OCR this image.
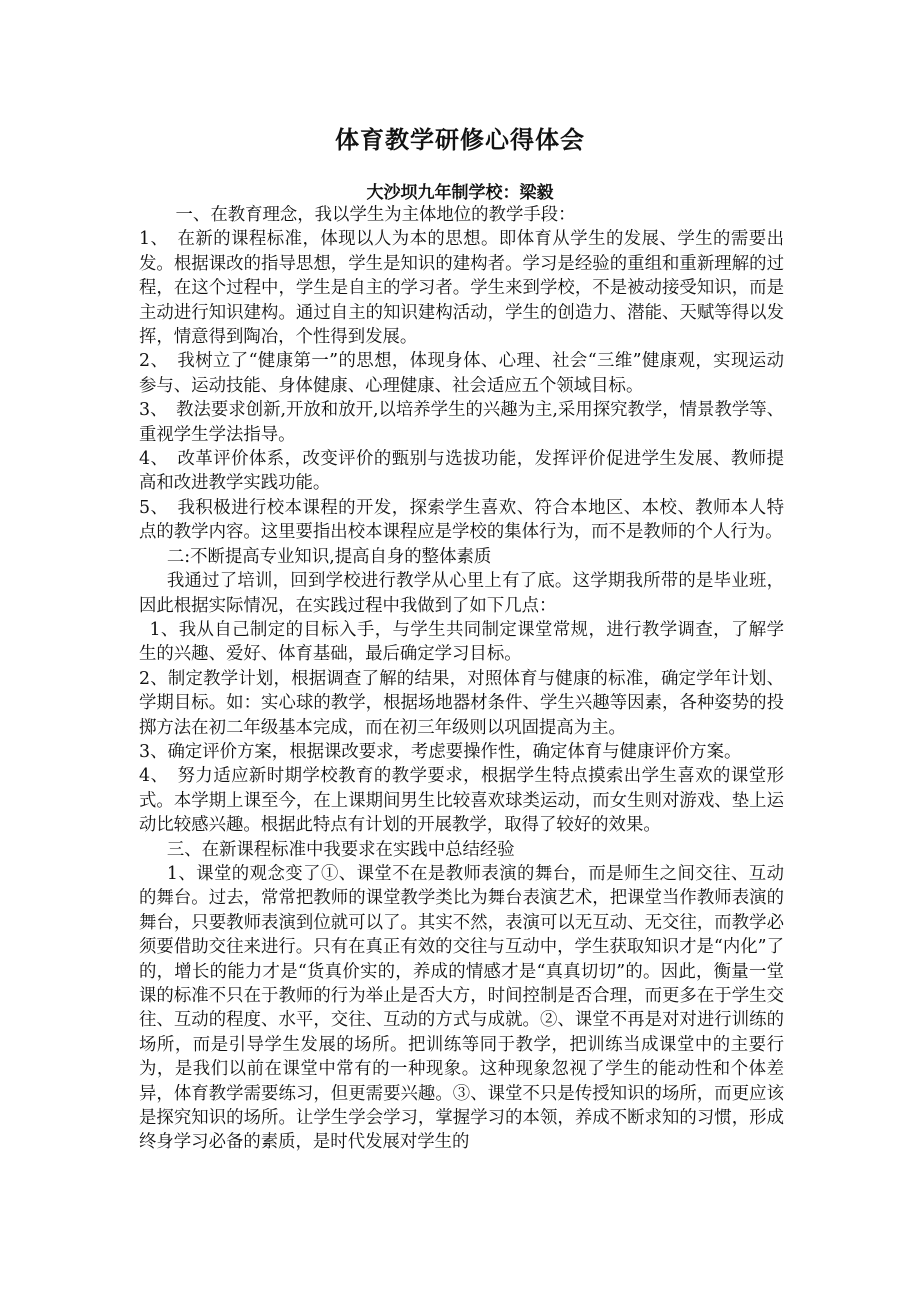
体育教学研修心得体会
大沙坝九年制学校：梁毅

一、在教育理念，我以学生为主体地位的教学手段：

1、　在新的课程标准，体现以人为本的思想。即体育从学生的发展、学生的需要出发。根据课改的指导思想，学生是知识的建构者。学习是经验的重组和重新理解的过程，在这个过程中，学生是自主的学习者。学生来到学校，不是被动接受知识，而是主动进行知识建构。通过自主的知识建构活动，学生的创造力、潜能、天赋等得以发挥，情意得到陶冶，个性得到发展。

2、　我树立了“健康第一”的思想，体现身体、心理、社会“三维”健康观，实现运动参与、运动技能、身体健康、心理健康、社会适应五个领域目标。

3、　教法要求创新,开放和放开,以培养学生的兴趣为主,采用探究教学，情景教学等、重视学生学法指导。

4、　改革评价体系，改变评价的甄别与选拔功能，发挥评价促进学生发展、教师提高和改进教学实践功能。

5、　我积极进行校本课程的开发，探索学生喜欢、符合本地区、本校、教师本人特点的教学内容。这里要指出校本课程应是学校的集体行为，而不是教师的个人行为。

二:不断提高专业知识,提高自身的整体素质

我通过了培训，回到学校进行教学从心里上有了底。这学期我所带的是毕业班，因此根据实际情况，在实践过程中我做到了如下几点：

1、我从自己制定的目标入手，与学生共同制定课堂常规，进行教学调查，了解学生的兴趣、爱好、体育基础，最后确定学习目标。

2、制定教学计划，根据调查了解的结果，对照体育与健康的标准，确定学年计划、学期目标。如：实心球的教学，根据场地器材条件、学生兴趣等因素，各种姿势的投掷方法在初二年级基本完成，而在初三年级则以巩固提高为主。

3、确定评价方案，根据课改要求，考虑要操作性，确定体育与健康评价方案。

4、　努力适应新时期学校教育的教学要求，根据学生特点摸索出学生喜欢的课堂形式。本学期上课至今，在上课期间男生比较喜欢球类运动，而女生则对游戏、垫上运动比较感兴趣。根据此特点有计划的开展教学，取得了较好的效果。

三、在新课程标准中我要求在实践中总结经验

1、课堂的观念变了①、课堂不在是教师表演的舞台，而是师生之间交往、互动的舞台。过去，常常把教师的课堂教学类比为舞台表演艺术，把课堂当作教师表演的舞台，只要教师表演到位就可以了。其实不然，表演可以无互动、无交往，而教学必须要借助交往来进行。只有在真正有效的交往与互动中，学生获取知识才是“内化”了的，增长的能力才是“货真价实的，养成的情感才是“真真切切”的。因此，衡量一堂课的标准不只在于教师的行为举止是否大方，时间控制是否合理，而更多在于学生交往、互动的程度、水平，交往、互动的方式与成就。②、课堂不再是对对进行训练的场所，而是引导学生发展的场所。把训练等同于教学，把训练当成课堂中的主要行为，是我们以前在课堂中常有的一种现象。这种现象忽视了学生的能动性和个体差异，体育教学需要练习，但更需要兴趣。③、课堂不只是传授知识的场所，而更应该是探究知识的场所。让学生学会学习，掌握学习的本领，养成不断求知的习惯，形成终身学习必备的素质，是时代发展对学生的
